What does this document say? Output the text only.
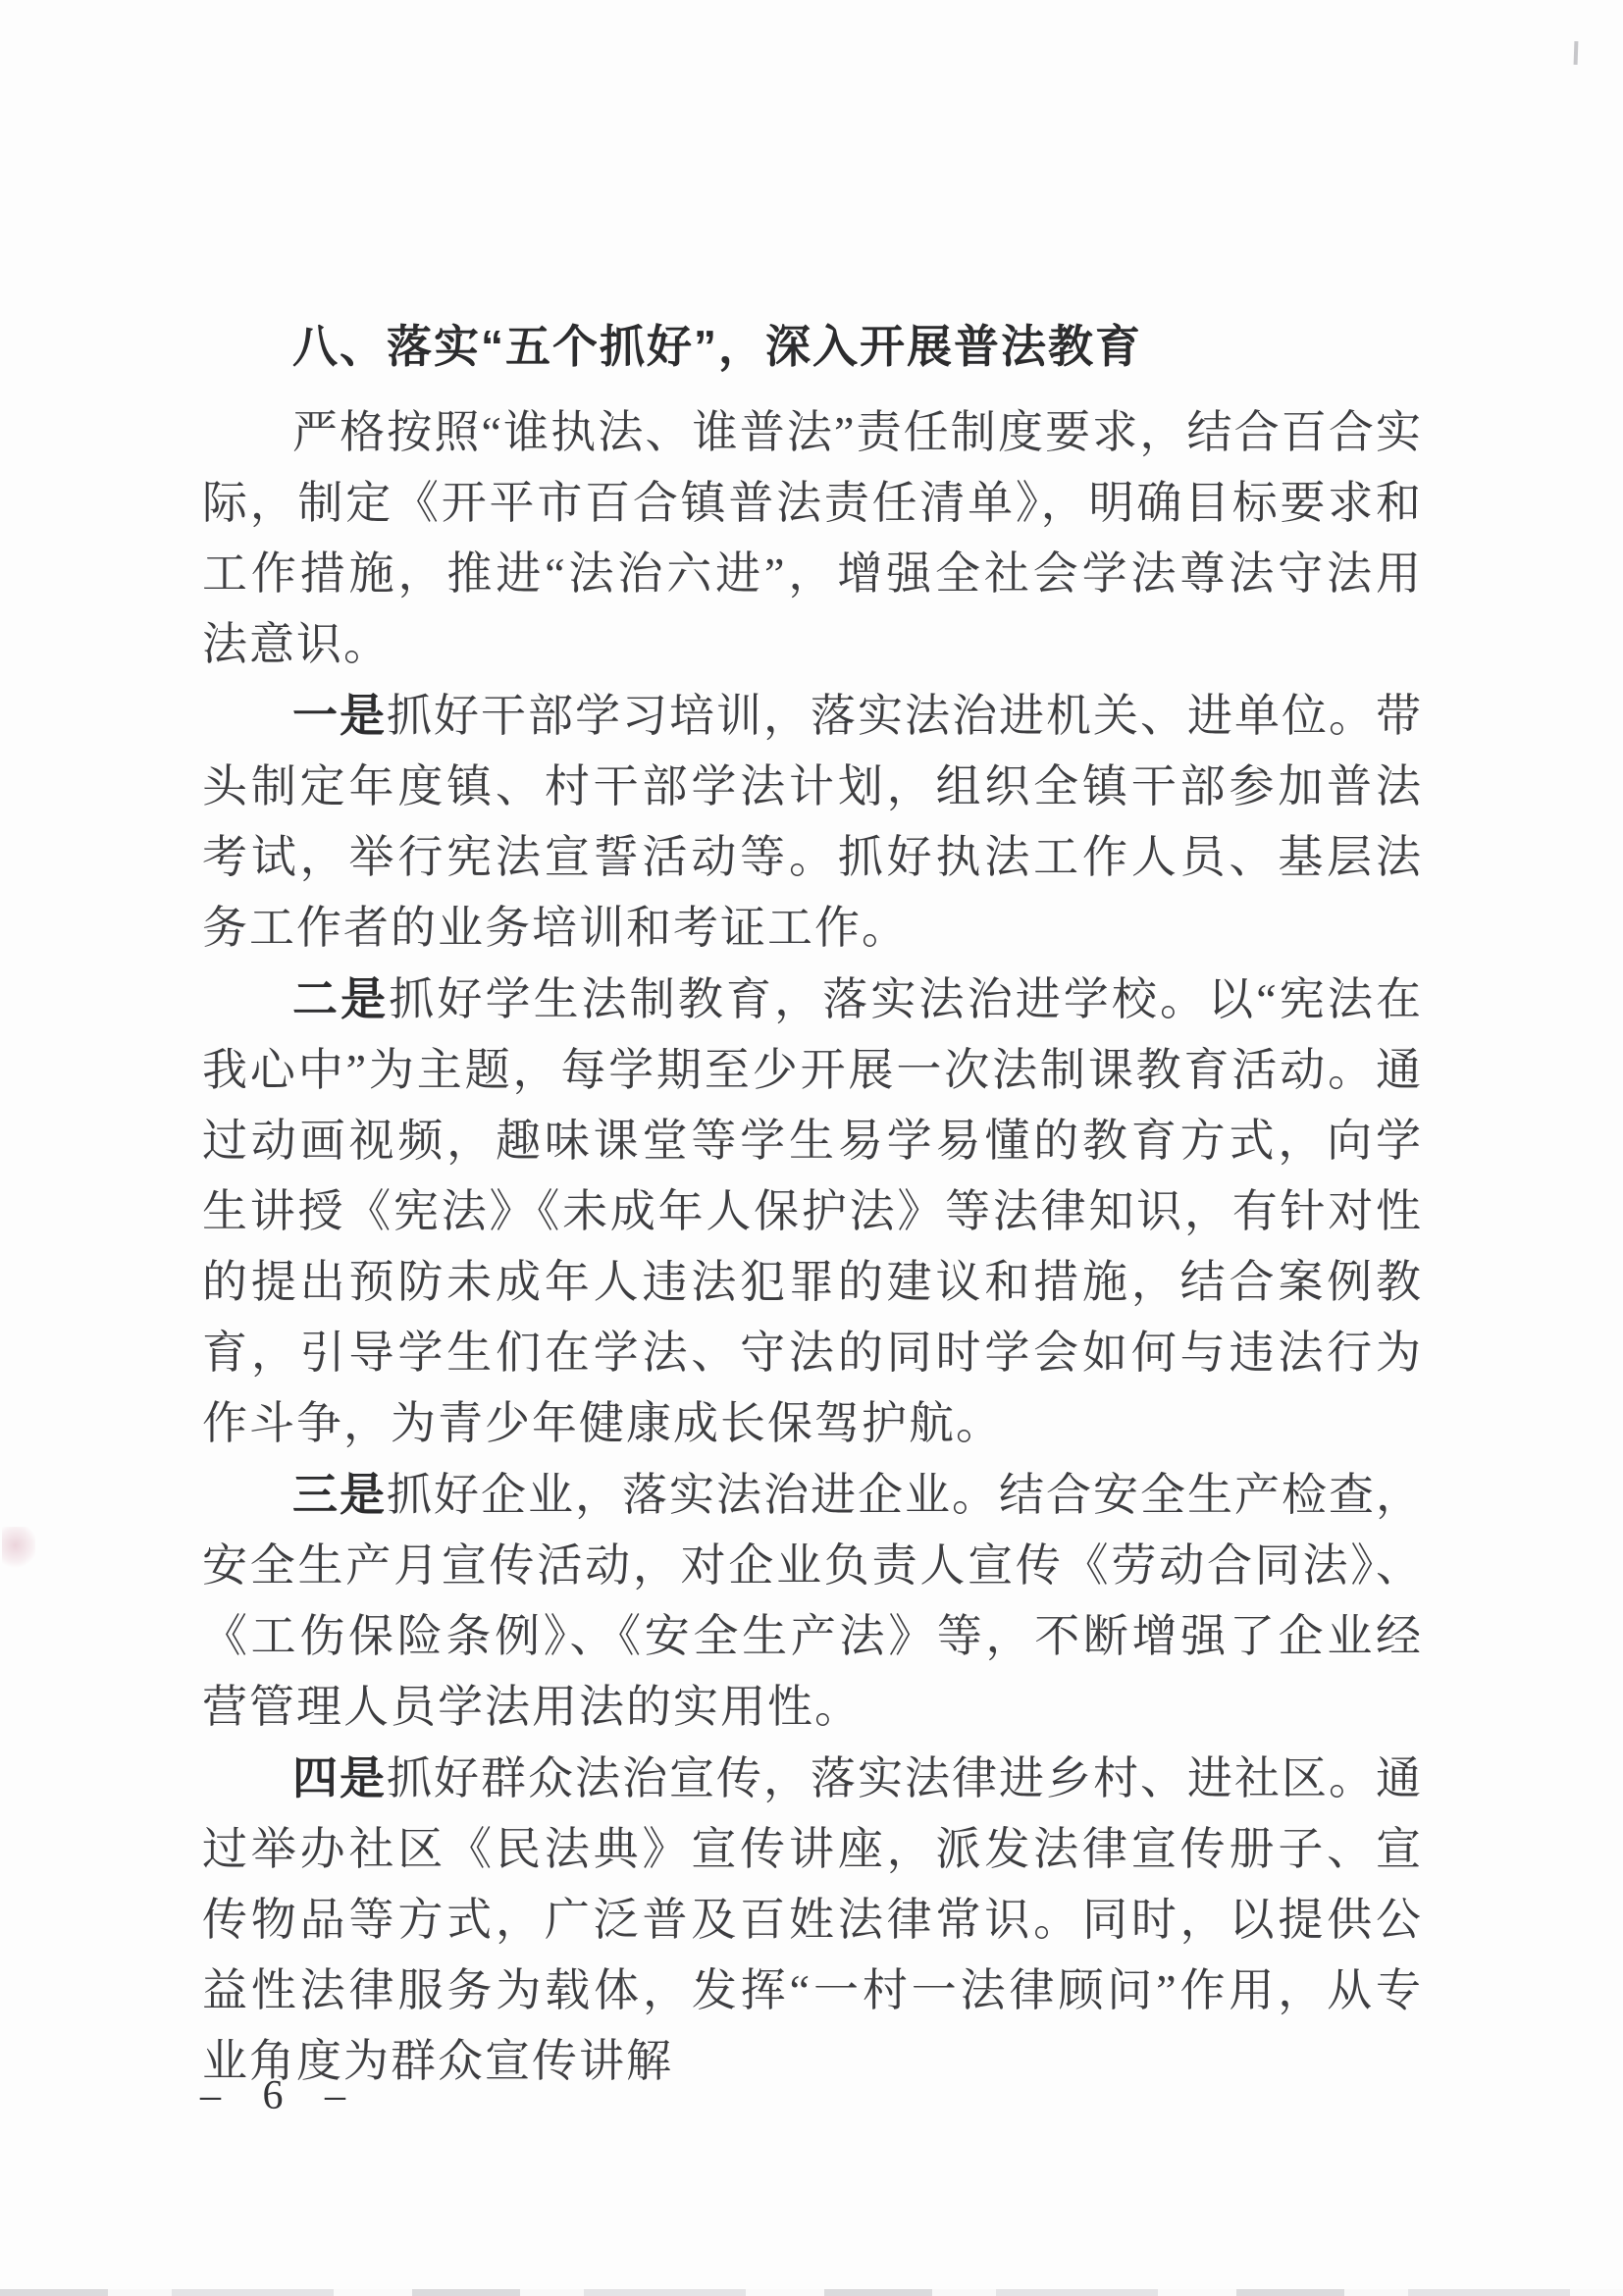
八、落实“五个抓好”，深入开展普法教育

严格按照“谁执法、谁普法”责任制度要求，结合百合实际，制定《开平市百合镇普法责任清单》，明确目标要求和工作措施，推进“法治六进”，增强全社会学法尊法守法用法意识。

一是抓好干部学习培训，落实法治进机关、进单位。带头制定年度镇、村干部学法计划，组织全镇干部参加普法考试，举行宪法宣誓活动等。抓好执法工作人员、基层法务工作者的业务培训和考证工作。

二是抓好学生法制教育，落实法治进学校。以“宪法在我心中”为主题，每学期至少开展一次法制课教育活动。通过动画视频，趣味课堂等学生易学易懂的教育方式，向学生讲授《宪法》《未成年人保护法》等法律知识，有针对性的提出预防未成年人违法犯罪的建议和措施，结合案例教育，引导学生们在学法、守法的同时学会如何与违法行为作斗争，为青少年健康成长保驾护航。

三是抓好企业，落实法治进企业。结合安全生产检查，安全生产月宣传活动，对企业负责人宣传《劳动合同法》、《工伤保险条例》、《安全生产法》等，不断增强了企业经营管理人员学法用法的实用性。

四是抓好群众法治宣传，落实法律进乡村、进社区。通过举办社区《民法典》宣传讲座，派发法律宣传册子、宣传物品等方式，广泛普及百姓法律常识。同时，以提供公益性法律服务为载体，发挥“一村一法律顾问”作用，从专业角度为群众宣传讲解

– 6 –
